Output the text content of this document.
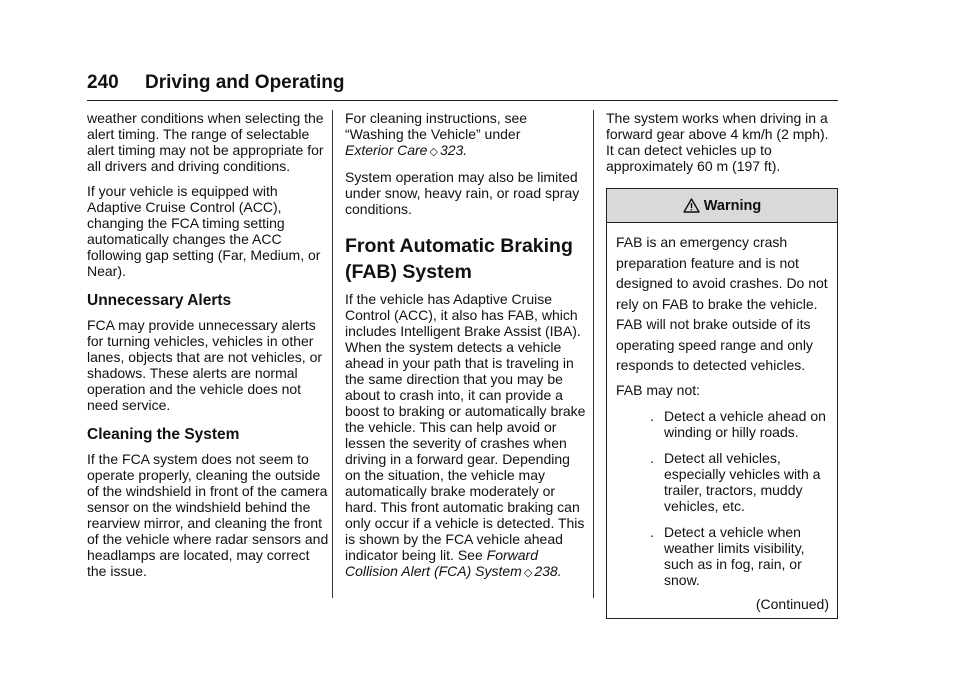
240 Driving and Operating

weather conditions when selecting the alert timing. The range of selectable alert timing may not be appropriate for all drivers and driving conditions.

If your vehicle is equipped with Adaptive Cruise Control (ACC), changing the FCA timing setting automatically changes the ACC following gap setting (Far, Medium, or Near).

Unnecessary Alerts

FCA may provide unnecessary alerts for turning vehicles, vehicles in other lanes, objects that are not vehicles, or shadows. These alerts are normal operation and the vehicle does not need service.

Cleaning the System

If the FCA system does not seem to operate properly, cleaning the outside of the windshield in front of the camera sensor on the windshield behind the rearview mirror, and cleaning the front of the vehicle where radar sensors and headlamps are located, may correct the issue.

For cleaning instructions, see “Washing the Vehicle” under
Exterior Care ◇ 323.

System operation may also be limited under snow, heavy rain, or road spray conditions.

Front Automatic Braking (FAB) System

If the vehicle has Adaptive Cruise Control (ACC), it also has FAB, which includes Intelligent Brake Assist (IBA). When the system detects a vehicle ahead in your path that is traveling in the same direction that you may be about to crash into, it can provide a boost to braking or automatically brake the vehicle. This can help avoid or lessen the severity of crashes when driving in a forward gear. Depending on the situation, the vehicle may automatically brake moderately or hard. This front automatic braking can only occur if a vehicle is detected. This is shown by the FCA vehicle ahead indicator being lit. See Forward Collision Alert (FCA) System ◇ 238.

The system works when driving in a forward gear above 4 km/h (2 mph). It can detect vehicles up to approximately 60 m (197 ft).

Warning

FAB is an emergency crash preparation feature and is not designed to avoid crashes. Do not rely on FAB to brake the vehicle. FAB will not brake outside of its operating speed range and only responds to detected vehicles.

FAB may not:

. Detect a vehicle ahead on winding or hilly roads.
. Detect all vehicles, especially vehicles with a trailer, tractors, muddy vehicles, etc.
. Detect a vehicle when weather limits visibility, such as in fog, rain, or snow.
(Continued)
